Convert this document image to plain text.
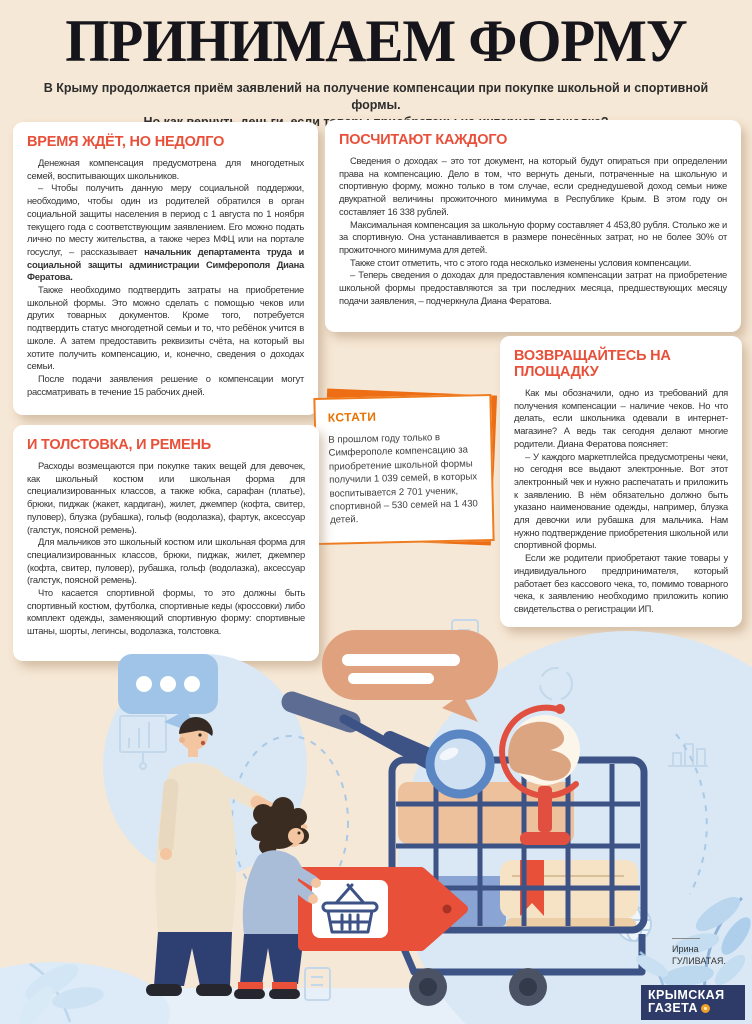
ПРИНИМАЕМ ФОРМУ
В Крыму продолжается приём заявлений на получение компенсации при покупке школьной и спортивной формы.
ВРЕМЯ ЖДЁТ, НО НЕДОЛГО

Денежная компенсация предусмотрена для многодетных семей, воспитывающих школьников.

– Чтобы получить данную меру социальной поддержки, необходимо, чтобы один из родителей обратился в орган социальной защиты населения в период с 1 августа по 1 ноября текущего года с соответствующим заявлением. Его можно подать лично по месту жительства, а также через МФЦ или на портале госуслуг, – рассказывает начальник департамента труда и социальной защиты администрации Симферополя Диана Фератова.

Также необходимо подтвердить затраты на приобретение школьной формы. Это можно сделать с помощью чеков или других товарных документов. Кроме того, потребуется подтвердить статус многодетной семьи и то, что ребёнок учится в школе. А затем предоставить реквизиты счёта, на который вы хотите получить компенсацию, и, конечно, сведения о доходах семьи.

После подачи заявления решение о компенсации могут рассматривать в течение 15 рабочих дней.

ПОСЧИТАЮТ КАЖДОГО

Сведения о доходах – это тот документ, на который будут опираться при определении права на компенсацию. Дело в том, что вернуть деньги, потраченные на школьную и спортивную форму, можно только в том случае, если среднедушевой доход семьи ниже двукратной величины прожиточного минимума в Республике Крым. В этом году он составляет 16 338 рублей.

Максимальная компенсация за школьную форму составляет 4 453,80 рубля. Столько же и за спортивную. Она устанавливается в размере понесённых затрат, но не более 30% от прожиточного минимума для детей.

Также стоит отметить, что с этого года несколько изменены условия компенсации.

– Теперь сведения о доходах для предоставления компенсации затрат на приобретение школьной формы предоставляются за три последних месяца, предшествующих месяцу подачи заявления, – подчеркнула Диана Фератова.

КСТАТИ

В прошлом году только в Симферополе компенсацию за приобретение школьной формы получили 1 039 семей, в которых воспитывается 2 701 ученик, спортивной – 530 семей на 1 430 детей.

ВОЗВРАЩАЙТЕСЬ НА ПЛОЩАДКУ

Как мы обозначили, одно из требований для получения компенсации – наличие чеков. Но что делать, если школьника одевали в интернет-магазине? А ведь так сегодня делают многие родители. Диана Фератова поясняет:

– У каждого маркетплейса предусмотрены чеки, но сегодня все выдают электронные. Вот этот электронный чек и нужно распечатать и приложить к заявлению. В нём обязательно должно быть указано наименование одежды, например, блузка для девочки или рубашка для мальчика. Нам нужно подтверждение приобретения школьной или спортивной формы.

Если же родители приобретают такие товары у индивидуального предпринимателя, который работает без кассового чека, то, помимо товарного чека, к заявлению необходимо приложить копию свидетельства о регистрации ИП.

И ТОЛСТОВКА, И РЕМЕНЬ

Расходы возмещаются при покупке таких вещей для девочек, как школьный костюм или школьная форма для специализированных классов, а также юбка, сарафан (платье), брюки, пиджак (жакет, кардиган), жилет, джемпер (кофта, свитер, пуловер), блузка (рубашка), гольф (водолазка), фартук, аксессуар (галстук, поясной ремень).

Для мальчиков это школьный костюм или школьная форма для специализированных классов, брюки, пиджак, жилет, джемпер (кофта, свитер, пуловер), рубашка, гольф (водолазка), аксессуар (галстук, поясной ремень).

Что касается спортивной формы, то это должны быть спортивный костюм, футболка, спортивные кеды (кроссовки) либо комплект одежды, заменяющий спортивную форму: спортивные штаны, шорты, легинсы, водолазка, толстовка.

Ирина
ГУЛИВАТАЯ.
КРЫМСКАЯ
ГАЗЕТА
